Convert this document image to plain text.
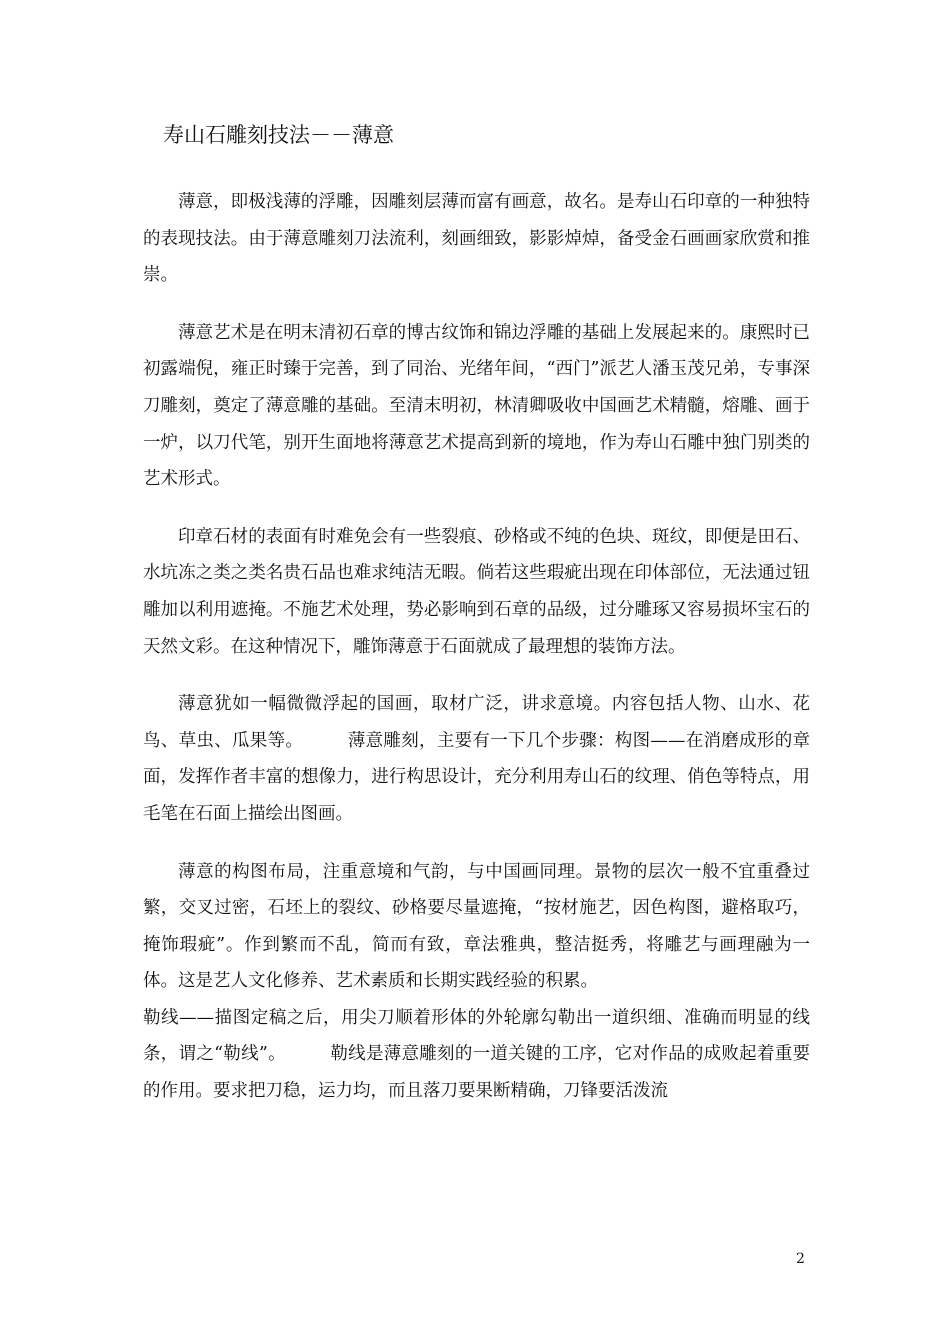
寿山石雕刻技法－－薄意

薄意，即极浅薄的浮雕，因雕刻层薄而富有画意，故名。是寿山石印章的一种独特的表现技法。由于薄意雕刻刀法流利，刻画细致，影影焯焯，备受金石画画家欣赏和推崇。

薄意艺术是在明末清初石章的博古纹饰和锦边浮雕的基础上发展起来的。康熙时已初露端倪，雍正时臻于完善，到了同治、光绪年间，“西门”派艺人潘玉茂兄弟，专事深刀雕刻，奠定了薄意雕的基础。至清末明初，林清卿吸收中国画艺术精髓，熔雕、画于一炉，以刀代笔，别开生面地将薄意艺术提高到新的境地，作为寿山石雕中独门别类的艺术形式。

印章石材的表面有时难免会有一些裂痕、砂格或不纯的色块、斑纹，即便是田石、水坑冻之类之类名贵石品也难求纯洁无暇。倘若这些瑕疵出现在印体部位，无法通过钮雕加以利用遮掩。不施艺术处理，势必影响到石章的品级，过分雕琢又容易损坏宝石的天然文彩。在这种情况下，雕饰薄意于石面就成了最理想的装饰方法。

薄意犹如一幅微微浮起的国画，取材广泛，讲求意境。内容包括人物、山水、花鸟、草虫、瓜果等。　　　薄意雕刻，主要有一下几个步骤：构图——在消磨成形的章面，发挥作者丰富的想像力，进行构思设计，充分利用寿山石的纹理、俏色等特点，用毛笔在石面上描绘出图画。

薄意的构图布局，注重意境和气韵，与中国画同理。景物的层次一般不宜重叠过繁，交叉过密，石坯上的裂纹、砂格要尽量遮掩，“按材施艺，因色构图，避格取巧，掩饰瑕疵”。作到繁而不乱，简而有致，章法雅典，整洁挺秀，将雕艺与画理融为一体。这是艺人文化修养、艺术素质和长期实践经验的积累。

勒线——描图定稿之后，用尖刀顺着形体的外轮廓勾勒出一道织细、准确而明显的线条，谓之“勒线”。　　　勒线是薄意雕刻的一道关键的工序，它对作品的成败起着重要的作用。要求把刀稳，运力均，而且落刀要果断精确，刀锋要活泼流

2
